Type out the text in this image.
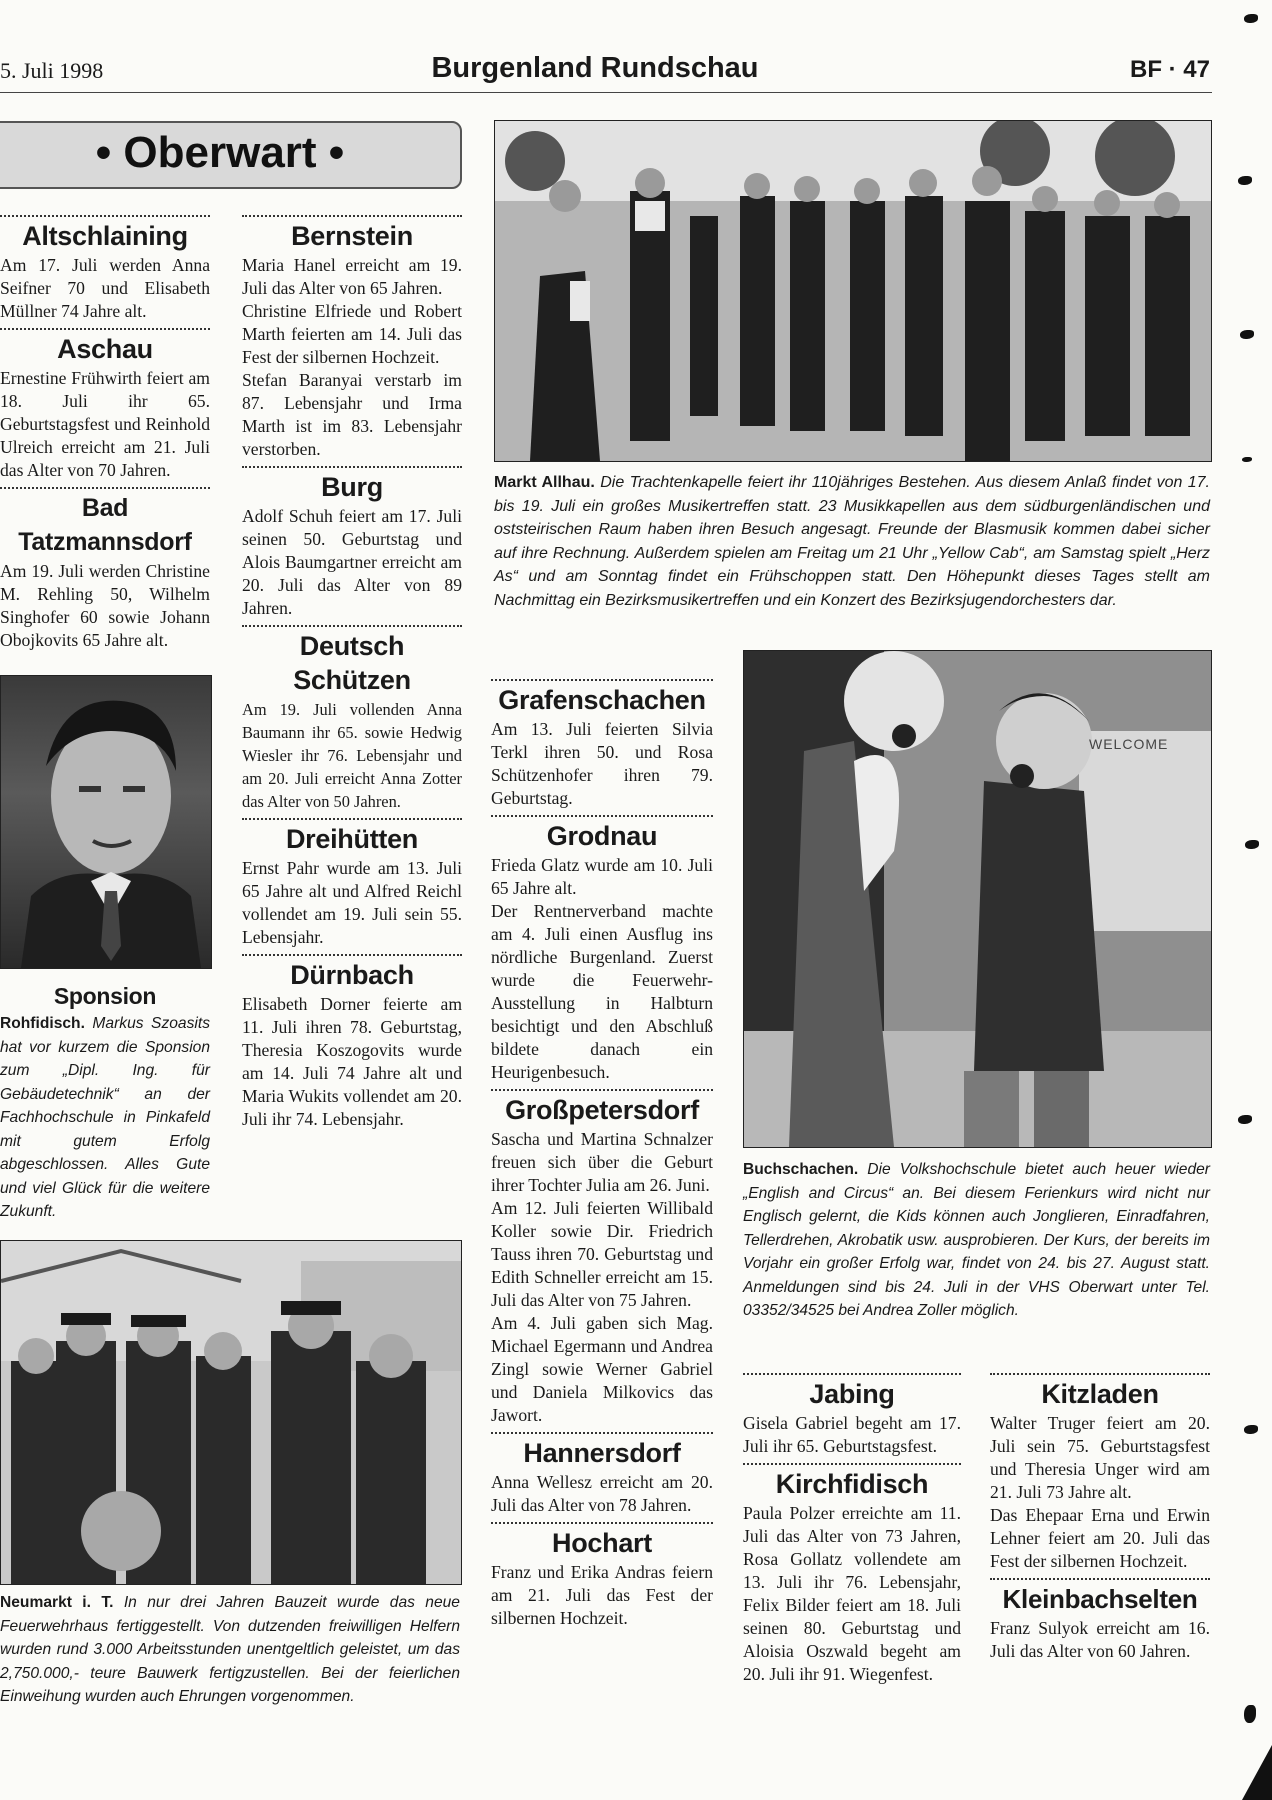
5. Juli 1998	Burgenland Rundschau	BF · 47
• Oberwart •
Altschlaining

Am 17. Juli werden Anna Seifner 70 und Elisabeth Müllner 74 Jahre alt.

Aschau

Ernestine Frühwirth feiert am 18. Juli ihr 65. Geburtstagsfest und Reinhold Ulreich erreicht am 21. Juli das Alter von 70 Jahren.

Bad Tatzmannsdorf

Am 19. Juli werden Christine M. Rehling 50, Wilhelm Singhofer 60 sowie Johann Obojkovits 65 Jahre alt.

Sponsion
Rohfidisch. Markus Szoasits hat vor kurzem die Sponsion zum „Dipl. Ing. für Gebäudetechnik“ an der Fachhochschule in Pinkafeld mit gutem Erfolg abgeschlossen. Alles Gute und viel Glück für die weitere Zukunft.
Bernstein

Maria Hanel erreicht am 19. Juli das Alter von 65 Jahren.

Christine Elfriede und Robert Marth feierten am 14. Juli das Fest der silbernen Hochzeit.

Stefan Baranyai verstarb im 87. Lebensjahr und Irma Marth ist im 83. Lebensjahr verstorben.

Burg

Adolf Schuh feiert am 17. Juli seinen 50. Geburtstag und Alois Baumgartner erreicht am 20. Juli das Alter von 89 Jahren.

Deutsch Schützen

Am 19. Juli vollenden Anna Baumann ihr 65. sowie Hedwig Wiesler ihr 76. Lebensjahr und am 20. Juli erreicht Anna Zotter das Alter von 50 Jahren.

Dreihütten

Ernst Pahr wurde am 13. Juli 65 Jahre alt und Alfred Reichl vollendet am 19. Juli sein 55. Lebensjahr.

Dürnbach

Elisabeth Dorner feierte am 11. Juli ihren 78. Geburtstag, Theresia Koszogovits wurde am 14. Juli 74 Jahre alt und Maria Wukits vollendet am 20. Juli ihr 74. Lebensjahr.

Neumarkt i. T. In nur drei Jahren Bauzeit wurde das neue Feuerwehrhaus fertiggestellt. Von dutzenden freiwilligen Helfern wurden rund 3.000 Arbeitsstunden unentgeltlich geleistet, um das 2,750.000,- teure Bauwerk fertigzustellen. Bei der feierlichen Einweihung wurden auch Ehrungen vorgenommen.
Markt Allhau. Die Trachtenkapelle feiert ihr 110jähriges Bestehen. Aus diesem Anlaß findet von 17. bis 19. Juli ein großes Musikertreffen statt. 23 Musikkapellen aus dem südburgenländischen und oststeirischen Raum haben ihren Besuch angesagt. Freunde der Blasmusik kommen dabei sicher auf ihre Rechnung. Außerdem spielen am Freitag um 21 Uhr „Yellow Cab“, am Samstag spielt „Herz As“ und am Sonntag findet ein Frühschoppen statt. Den Höhepunkt dieses Tages stellt am Nachmittag ein Bezirksmusikertreffen und ein Konzert des Bezirksjugendorchesters dar.
Grafenschachen

Am 13. Juli feierten Silvia Terkl ihren 50. und Rosa Schützenhofer ihren 79. Geburtstag.

Grodnau

Frieda Glatz wurde am 10. Juli 65 Jahre alt.

Der Rentnerverband machte am 4. Juli einen Ausflug ins nördliche Burgenland. Zuerst wurde die Feuerwehr-Ausstellung in Halbturn besichtigt und den Abschluß bildete danach ein Heurigenbesuch.

Großpetersdorf

Sascha und Martina Schnalzer freuen sich über die Geburt ihrer Tochter Julia am 26. Juni.

Am 12. Juli feierten Willibald Koller sowie Dir. Friedrich Tauss ihren 70. Geburtstag und Edith Schneller erreicht am 15. Juli das Alter von 75 Jahren.

Am 4. Juli gaben sich Mag. Michael Egermann und Andrea Zingl sowie Werner Gabriel und Daniela Milkovics das Jawort.

Hannersdorf

Anna Wellesz erreicht am 20. Juli das Alter von 78 Jahren.

Hochart

Franz und Erika Andras feiern am 21. Juli das Fest der silbernen Hochzeit.

WELCOME
Buchschachen. Die Volkshochschule bietet auch heuer wieder „English and Circus“ an. Bei diesem Ferienkurs wird nicht nur Englisch gelernt, die Kids können auch Jonglieren, Einradfahren, Tellerdrehen, Akrobatik usw. ausprobieren. Der Kurs, der bereits im Vorjahr ein großer Erfolg war, findet von 24. bis 27. August statt. Anmeldungen sind bis 24. Juli in der VHS Oberwart unter Tel. 03352/34525 bei Andrea Zoller möglich.
Jabing

Gisela Gabriel begeht am 17. Juli ihr 65. Geburtstagsfest.

Kirchfidisch

Paula Polzer erreichte am 11. Juli das Alter von 73 Jahren, Rosa Gollatz vollendete am 13. Juli ihr 76. Lebensjahr, Felix Bilder feiert am 18. Juli seinen 80. Geburtstag und Aloisia Oszwald begeht am 20. Juli ihr 91. Wiegenfest.

Kitzladen

Walter Truger feiert am 20. Juli sein 75. Geburtstagsfest und Theresia Unger wird am 21. Juli 73 Jahre alt.

Das Ehepaar Erna und Erwin Lehner feiert am 20. Juli das Fest der silbernen Hochzeit.

Kleinbachselten

Franz Sulyok erreicht am 16. Juli das Alter von 60 Jahren.
